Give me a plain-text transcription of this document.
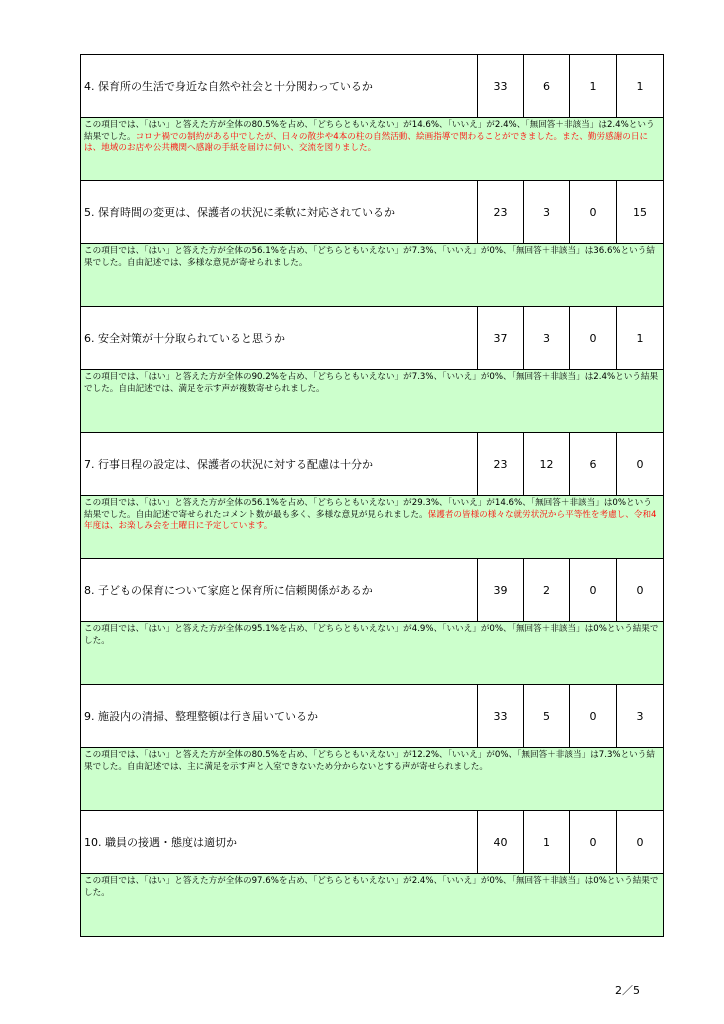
4. 保育所の生活で身近な自然や社会と十分関わっているか	33	6	1	1
この項目では、「はい」と答えた方が全体の80.5%を占め、「どちらともいえない」が14.6%、「いいえ」が2.4%、「無回答＋非該当」は2.4%という結果でした。コロナ禍での制約がある中でしたが、日々の散歩や4本の柱の自然活動、絵画指導で関わることができました。また、勤労感謝の日には、地域のお店や公共機関へ感謝の手紙を届けに伺い、交流を図りました。				
5. 保育時間の変更は、保護者の状況に柔軟に対応されているか	23	3	0	15
この項目では、「はい」と答えた方が全体の56.1%を占め、「どちらともいえない」が7.3%、「いいえ」が0%、「無回答＋非該当」は36.6%という結果でした。自由記述では、多様な意見が寄せられました。				
6. 安全対策が十分取られていると思うか	37	3	0	1
この項目では、「はい」と答えた方が全体の90.2%を占め、「どちらともいえない」が7.3%、「いいえ」が0%、「無回答＋非該当」は2.4%という結果でした。自由記述では、満足を示す声が複数寄せられました。				
7. 行事日程の設定は、保護者の状況に対する配慮は十分か	23	12	6	0
この項目では、「はい」と答えた方が全体の56.1%を占め、「どちらともいえない」が29.3%、「いいえ」が14.6%、「無回答＋非該当」は0%という結果でした。自由記述で寄せられたコメント数が最も多く、多様な意見が見られました。保護者の皆様の様々な就労状況から平等性を考慮し、令和4年度は、お楽しみ会を土曜日に予定しています。				
8. 子どもの保育について家庭と保育所に信頼関係があるか	39	2	0	0
この項目では、「はい」と答えた方が全体の95.1%を占め、「どちらともいえない」が4.9%、「いいえ」が0%、「無回答＋非該当」は0%という結果でした。				
9. 施設内の清掃、整理整頓は行き届いているか	33	5	0	3
この項目では、「はい」と答えた方が全体の80.5%を占め、「どちらともいえない」が12.2%、「いいえ」が0%、「無回答＋非該当」は7.3%という結果でした。自由記述では、主に満足を示す声と入室できないため分からないとする声が寄せられました。				
10. 職員の接遇・態度は適切か	40	1	0	0
この項目では、「はい」と答えた方が全体の97.6%を占め、「どちらともいえない」が2.4%、「いいえ」が0%、「無回答＋非該当」は0%という結果でした。				
2／5
